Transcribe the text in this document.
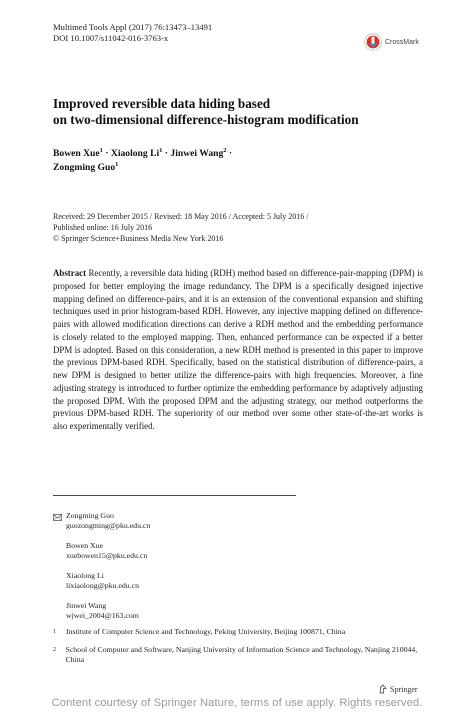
Multimed Tools Appl (2017) 76:13473–13491
DOI 10.1007/s11042-016-3763-x	CrossMark
Improved reversible data hiding based
on two-dimensional difference-histogram modification
Bowen Xue$^1$ · Xiaolong $Li^1$ · Jinwei Wang$^2$ ·
Zongming Guo$^1$
Received: 29 December 2015 / Revised: 18 May 2016 / Accepted: 5 July 2016 /
Published online: 16 July 2016
© Springer Science+Business Media New York 2016
Abstract Recently, a reversible data hiding (RDH) method based on difference-pair-mapping (DPM) is proposed for better employing the image redundancy. The DPM is a specifically designed injective mapping defined on difference-pairs, and it is an extension of the conventional expansion and shifting techniques used in prior histogram-based RDH. However, any injective mapping defined on difference-pairs with allowed modification directions can derive a RDH method and the embedding performance is closely related to the employed mapping. Then, enhanced performance can be expected if a better DPM is adopted. Based on this consideration, a new RDH method is presented in this paper to improve the previous DPM-based RDH. Specifically, based on the statistical distribution of difference-pairs, a new DPM is designed to better utilize the difference-pairs with high frequencies. Moreover, a fine adjusting strategy is introduced to further optimize the embedding performance by adaptively adjusting the proposed DPM. With the proposed DPM and the adjusting strategy, our method outperforms the previous DPM-based RDH. The superiority of our method over some other state-of-the-art works is also experimentally verified.
Zongming Guo
guozongming@pku.edu.cn
Bowen Xue
xuebowen15@pku.edu.cn
Xiaolong Li
lixiaolong@pku.edu.cn
Jinwei Wang
wjwei_2004@163.com
1	Institute of Computer Science and Technology, Peking University, Beijing 100871, China
2	School of Computer and Software, Nanjing University of Information Science and Technology, Nanjing 210044, China
Springer
Content courtesy of Springer Nature, terms of use apply. Rights reserved.
